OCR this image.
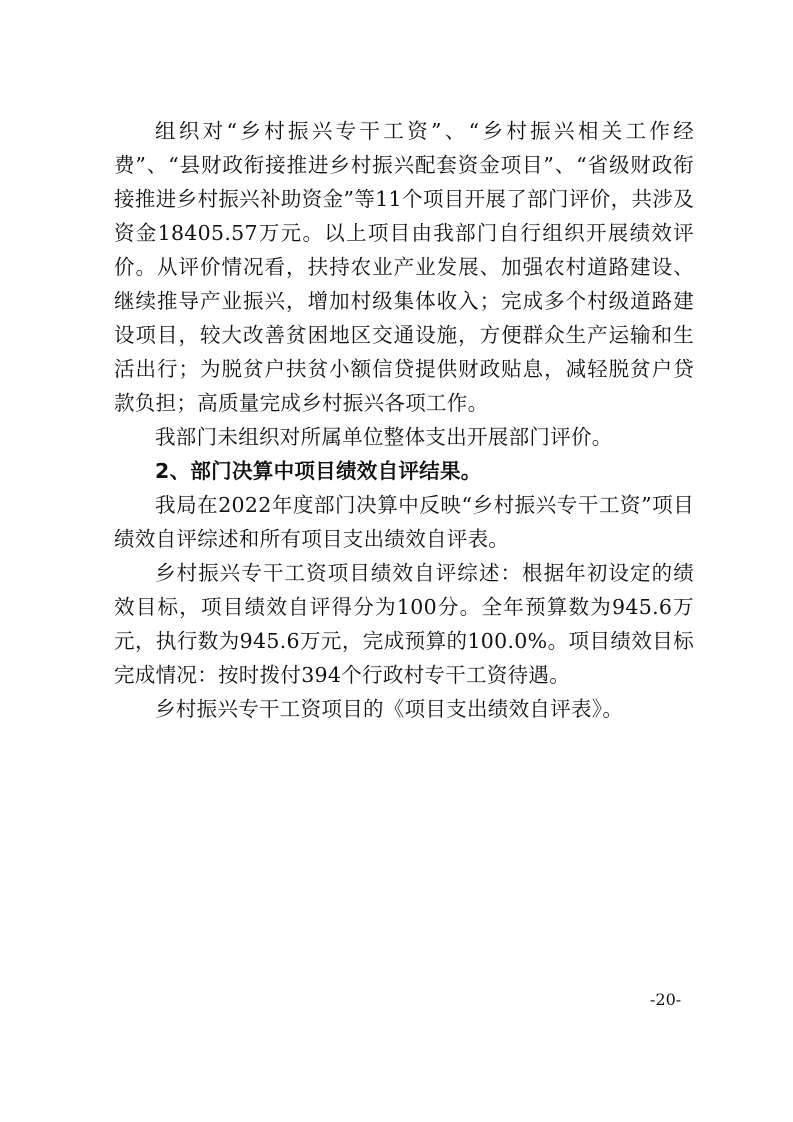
组织对“乡村振兴专干工资”、“乡村振兴相关工作经费”、“县财政衔接推进乡村振兴配套资金项目”、“省级财政衔接推进乡村振兴补助资金”等11个项目开展了部门评价，共涉及资金18405.57万元。以上项目由我部门自行组织开展绩效评价。从评价情况看，扶持农业产业发展、加强农村道路建设、继续推导产业振兴，增加村级集体收入；完成多个村级道路建设项目，较大改善贫困地区交通设施，方便群众生产运输和生活出行；为脱贫户扶贫小额信贷提供财政贴息，减轻脱贫户贷款负担；高质量完成乡村振兴各项工作。

我部门未组织对所属单位整体支出开展部门评价。

2、部门决算中项目绩效自评结果。

我局在2022年度部门决算中反映“乡村振兴专干工资”项目绩效自评综述和所有项目支出绩效自评表。

乡村振兴专干工资项目绩效自评综述：根据年初设定的绩效目标，项目绩效自评得分为100分。全年预算数为945.6万元，执行数为945.6万元，完成预算的100.0%。项目绩效目标完成情况：按时拨付394个行政村专干工资待遇。

乡村振兴专干工资项目的《项目支出绩效自评表》。

-20-
